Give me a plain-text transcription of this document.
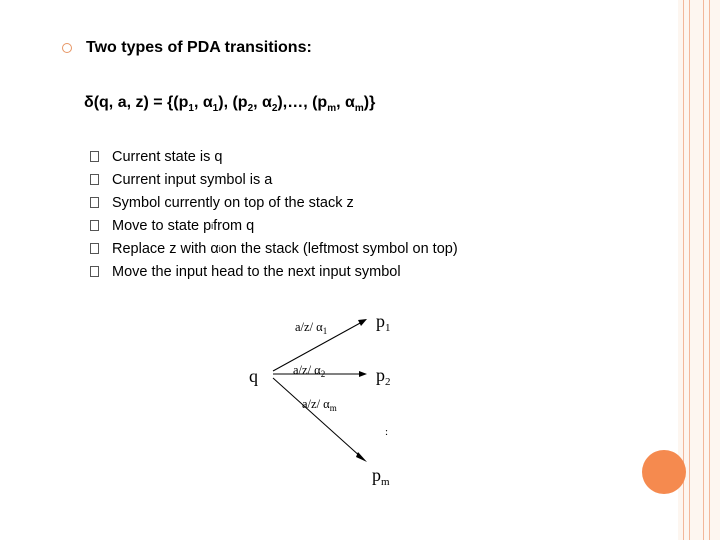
Two types of PDA transitions:
δ(q, a, $z) = \{(p_1$, $\alpha_1$), ($p_2$, $\alpha_2),\dots$, ($p_m$, $\alpha_m$)}
Current state is q
Current input symbol is a
Symbol currently on top of the stack z
Move to state p i from q
Replace z with α i on the stack (leftmost symbol on top)
Move the input head to the next input symbol
q
a/z/ $\alpha_1$
a/z/ $\alpha_2$
a/z/ $\alpha_m$
$p_1$
$p_2$
$p_m$
:
